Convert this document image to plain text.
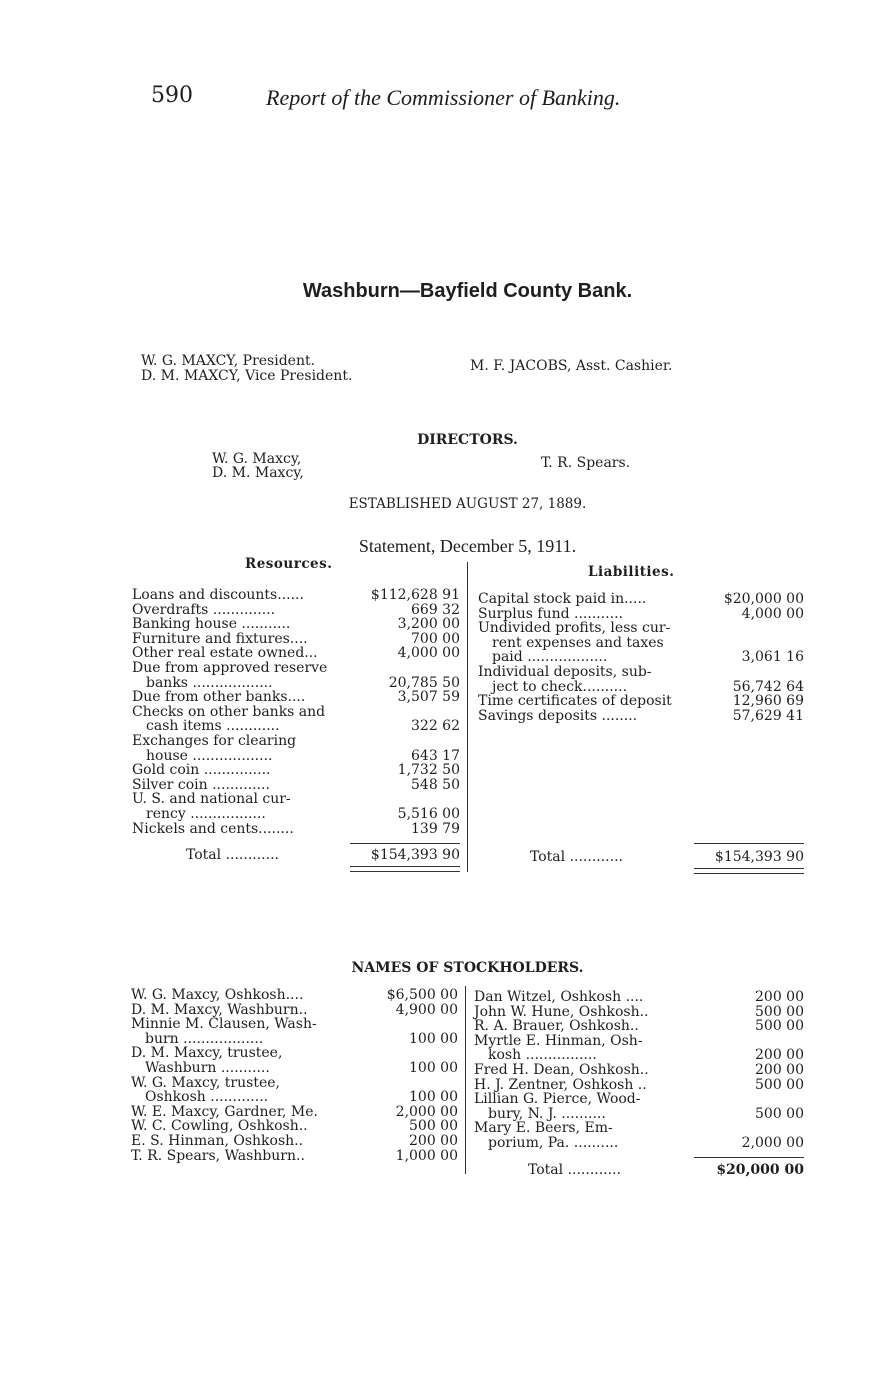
590	Report of the Commissioner of Banking.
Washburn—Bayfield County Bank.
W. G. MAXCY, President.
D. M. MAXCY, Vice President.
M. F. JACOBS, Asst. Cashier.
DIRECTORS.
W. G. Maxcy,
D. M. Maxcy,
T. R. Spears.
ESTABLISHED AUGUST 27, 1889.
Statement, December 5, 1911.
Resources.	Liabilities.
Loans and discounts......	$112,628 91
Overdrafts ..............	669 32
Banking house ...........	3,200 00
Furniture and fixtures....	700 00
Other real estate owned...	4,000 00
Due from approved reserve
banks ..................	20,785 50
Due from other banks....	3,507 59
Checks on other banks and
cash items ............	322 62
Exchanges for clearing
house ..................	643 17
Gold coin ...............	1,732 50
Silver coin .............	548 50
U. S. and national cur-
rency .................	5,516 00
Nickels and cents........	139 79
Capital stock paid in.....	$20,000 00
Surplus fund ...........	4,000 00
Undivided profits, less cur-
rent expenses and taxes
paid ..................	3,061 16
Individual deposits, sub-
ject to check..........	56,742 64
Time certificates of deposit	12,960 69
Savings deposits ........	57,629 41
Total ............	$154,393 90	Total ............	$154,393 90
NAMES OF STOCKHOLDERS.
W. G. Maxcy, Oshkosh....	$6,500 00
D. M. Maxcy, Washburn..	4,900 00
Minnie M. Clausen, Wash-
burn ..................	100 00
D. M. Maxcy, trustee,
Washburn ...........	100 00
W. G. Maxcy, trustee,
Oshkosh .............	100 00
W. E. Maxcy, Gardner, Me.	2,000 00
W. C. Cowling, Oshkosh..	500 00
E. S. Hinman, Oshkosh..	200 00
T. R. Spears, Washburn..	1,000 00
Dan Witzel, Oshkosh ....	200 00
John W. Hune, Oshkosh..	500 00
R. A. Brauer, Oshkosh..	500 00
Myrtle E. Hinman, Osh-
kosh ................	200 00
Fred H. Dean, Oshkosh..	200 00
H. J. Zentner, Oshkosh ..	500 00
Lillian G. Pierce, Wood-
bury, N. J. ..........	500 00
Mary E. Beers, Em-
porium, Pa. ..........	2,000 00
Total ............	$20,000 00
